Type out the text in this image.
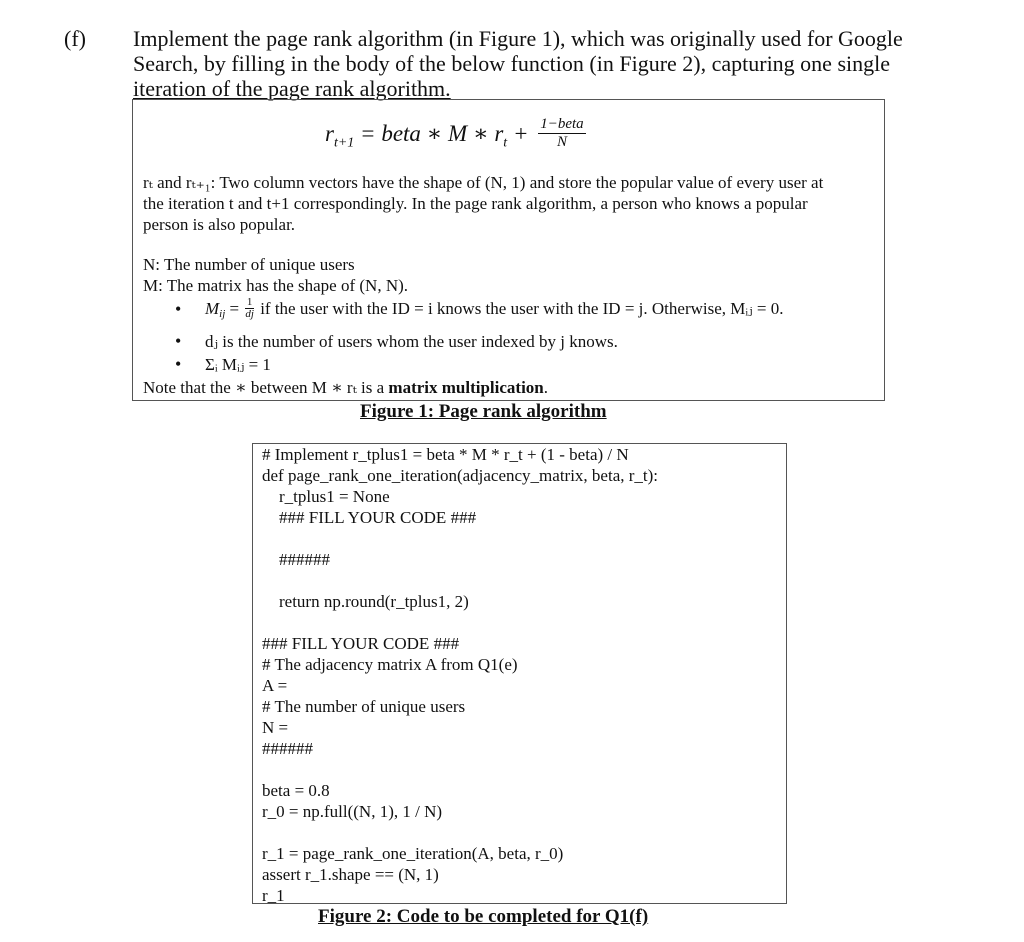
(f) Implement the page rank algorithm (in Figure 1), which was originally used for Google
Search, by filling in the body of the below function (in Figure 2), capturing one single
iteration of the page rank algorithm.
$r_{t+1}$ = beta ∗ M ∗ $r_t + \frac{\text{1−beta}}{N}$
rₜ and rₜ₊₁: Two column vectors have the shape of (N, 1) and store the popular value of every user at
the iteration t and t+1 correspondingly. In the page rank algorithm, a person who knows a popular
person is also popular.
N: The number of unique users
M: The matrix has the shape of (N, N).
• $M_{ij} = \frac{1}{dj}$ if the user with the ID = i knows the user with the ID = j. Otherwise, Mᵢⱼ = 0.
• dⱼ is the number of users whom the user indexed by j knows.
• Σᵢ Mᵢⱼ = 1
Note that the ∗ between M ∗ rₜ is a matrix multiplication.
Figure 1: Page rank algorithm
# Implement r_tplus1 = beta * M * r_t + (1 - beta) / N
def page_rank_one_iteration(adjacency_matrix, beta, r_t):
r_tplus1 = None
### FILL YOUR CODE ###

######

return np.round(r_tplus1, 2)

### FILL YOUR CODE ###
# The adjacency matrix A from Q1(e)
A =
# The number of unique users
N =
######

beta = 0.8
r_0 = np.full((N, 1), 1 / N)

r_1 = page_rank_one_iteration(A, beta, r_0)
assert r_1.shape == (N, 1)
r_1
Figure 2: Code to be completed for Q1(f)
